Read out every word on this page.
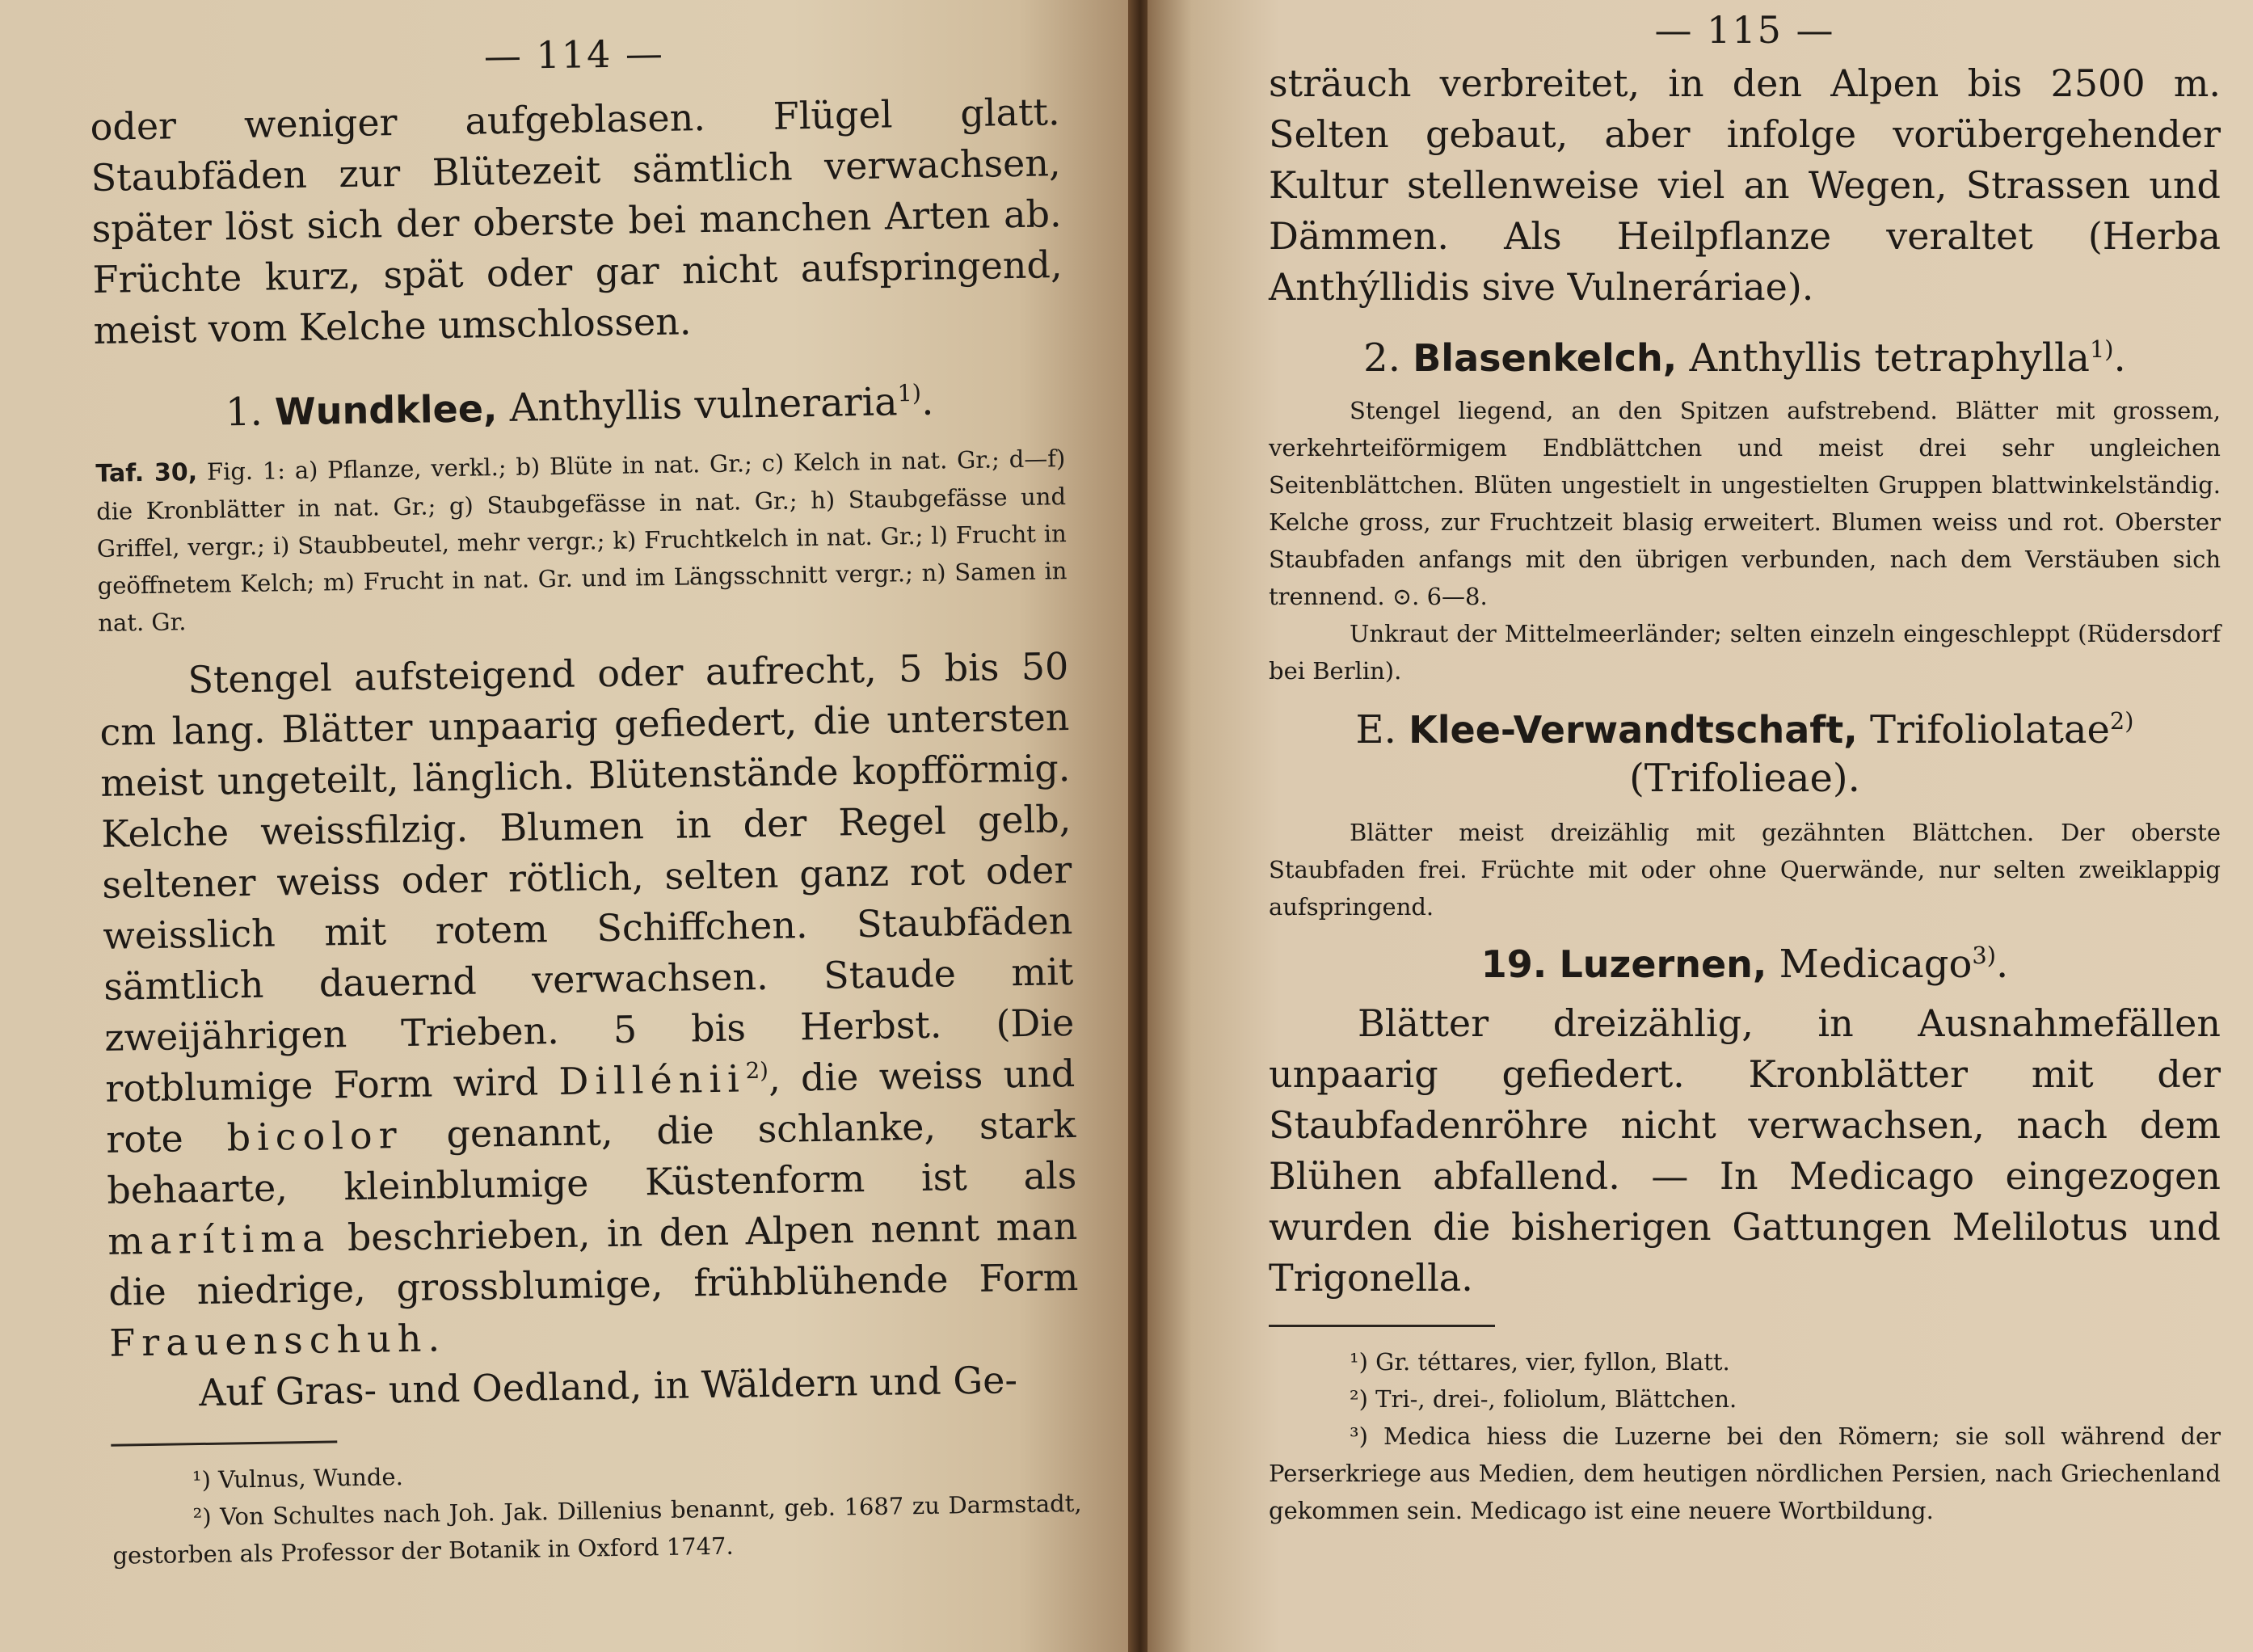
— 114 —

oder weniger aufgeblasen. Flügel glatt. Staubfäden zur Blütezeit sämtlich verwachsen, später löst sich der oberste bei manchen Arten ab. Früchte kurz, spät oder gar nicht aufspringend, meist vom Kelche umschlossen.

1. Wundklee, Anthyllis vulneraria$^{1)}$.
Taf. 30, Fig. 1: a) Pflanze, verkl.; b) Blüte in nat. Gr.; c) Kelch in nat. Gr.; d—f) die Kronblätter in nat. Gr.; g) Staubgefässe in nat. Gr.; h) Staubgefässe und Griffel, vergr.; i) Staubbeutel, mehr vergr.; k) Fruchtkelch in nat. Gr.; l) Frucht in geöffnetem Kelch; m) Frucht in nat. Gr. und im Längsschnitt vergr.; n) Samen in nat. Gr.

Stengel aufsteigend oder aufrecht, 5 bis 50 cm lang. Blätter unpaarig gefiedert, die untersten meist ungeteilt, länglich. Blütenstände kopfförmig. Kelche weissfilzig. Blumen in der Regel gelb, seltener weiss oder rötlich, selten ganz rot oder weisslich mit rotem Schiffchen. Staubfäden sämtlich dauernd verwachsen. Staude mit zweijährigen Trieben. 5 bis Herbst. (Die rotblumige Form wird Dillénii$^{2)}$, die weiss und rote bicolor genannt, die schlanke, stark behaarte, kleinblumige Küstenform ist als marítima beschrieben, in den Alpen nennt man die niedrige, grossblumige, frühblühende Form Frauenschuh.

Auf Gras- und Oedland, in Wäldern und Ge-

¹) Vulnus, Wunde.

²) Von Schultes nach Joh. Jak. Dillenius benannt, geb. 1687 zu Darmstadt, gestorben als Professor der Botanik in Oxford 1747.

— 115 —

sträuch verbreitet, in den Alpen bis 2500 m. Selten gebaut, aber infolge vorübergehender Kultur stellenweise viel an Wegen, Strassen und Dämmen. Als Heilpflanze veraltet (Herba Anthýllidis sive Vulneráriae).

2. Blasenkelch, Anthyllis tetraphylla$^{1)}$.

Stengel liegend, an den Spitzen aufstrebend. Blätter mit grossem, verkehrteiförmigem Endblättchen und meist drei sehr ungleichen Seitenblättchen. Blüten ungestielt in ungestielten Gruppen blattwinkelständig. Kelche gross, zur Fruchtzeit blasig erweitert. Blumen weiss und rot. Oberster Staubfaden anfangs mit den übrigen verbunden, nach dem Verstäuben sich trennend. ⊙. 6—8.

Unkraut der Mittelmeerländer; selten einzeln eingeschleppt (Rüdersdorf bei Berlin).

E. Klee-Verwandtschaft, Trifoliolatae$^{2)}$
(Trifolieae).

Blätter meist dreizählig mit gezähnten Blättchen. Der oberste Staubfaden frei. Früchte mit oder ohne Querwände, nur selten zweiklappig aufspringend.

19. Luzernen, Medicago$^{3)}$.

Blätter dreizählig, in Ausnahmefällen unpaarig gefiedert. Kronblätter mit der Staubfadenröhre nicht verwachsen, nach dem Blühen abfallend. — In Medicago eingezogen wurden die bisherigen Gattungen Melilotus und Trigonella.

¹) Gr. téttares, vier, fyllon, Blatt.

²) Tri-, drei-, foliolum, Blättchen.

³) Medica hiess die Luzerne bei den Römern; sie soll während der Perserkriege aus Medien, dem heutigen nördlichen Persien, nach Griechenland gekommen sein. Medicago ist eine neuere Wortbildung.
